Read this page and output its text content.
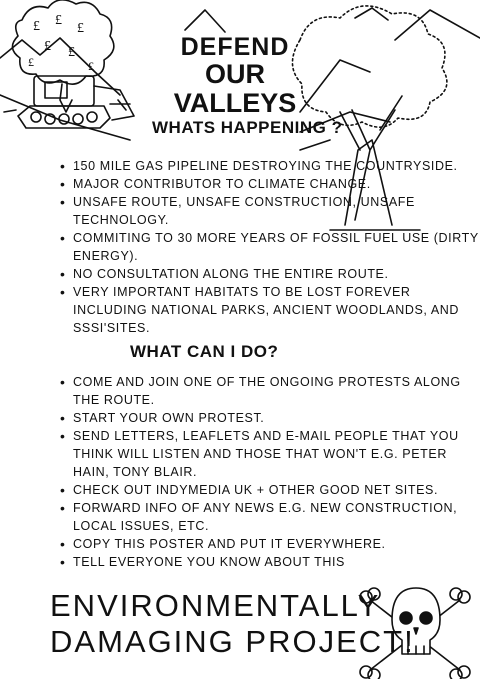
£ £
£
£ £
£	£
DEFEND
OUR VALLEYS
WHATS HAPPENING ?
• 150 MILE GAS PIPELINE DESTROYING THE COUNTRYSIDE.
• MAJOR CONTRIBUTOR TO CLIMATE CHANGE.
• UNSAFE ROUTE, UNSAFE CONSTRUCTION, UNSAFE TECHNOLOGY.
• COMMITING TO 30 MORE YEARS OF FOSSIL FUEL USE (DIRTY ENERGY).
• NO CONSULTATION ALONG THE ENTIRE ROUTE.
• VERY IMPORTANT HABITATS TO BE LOST FOREVER INCLUDING NATIONAL PARKS, ANCIENT WOODLANDS, AND SSSI'SITES.
WHAT CAN I DO?
• COME AND JOIN ONE OF THE ONGOING PROTESTS ALONG THE ROUTE.
• START YOUR OWN PROTEST.
• SEND LETTERS, LEAFLETS AND E-MAIL PEOPLE THAT YOU THINK WILL LISTEN AND THOSE THAT WON'T E.G. PETER HAIN, TONY BLAIR.
• CHECK OUT INDYMEDIA UK + OTHER GOOD NET SITES.
• FORWARD INFO OF ANY NEWS E.G. NEW CONSTRUCTION, LOCAL ISSUES, ETC.
• COPY THIS POSTER AND PUT IT EVERYWHERE.
• TELL EVERYONE YOU KNOW ABOUT THIS
ENVIRONMENTALLY
DAMAGING PROJECT!
